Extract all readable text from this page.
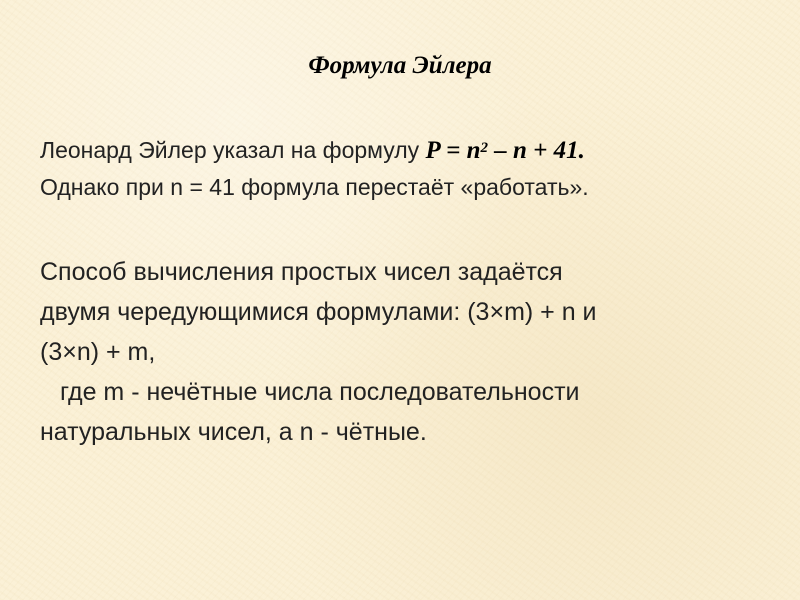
Формула Эйлера
Леонард Эйлер указал на формулу $P = n^2 - n + 41$.
Однако при n = 41 формула перестаёт «работать».
Способ вычисления простых чисел задаётся
двумя чередующимися формулами: (3×m) + n и
(3×n) + m,
где m - нечётные числа последовательности
натуральных чисел, а n - чётные.
